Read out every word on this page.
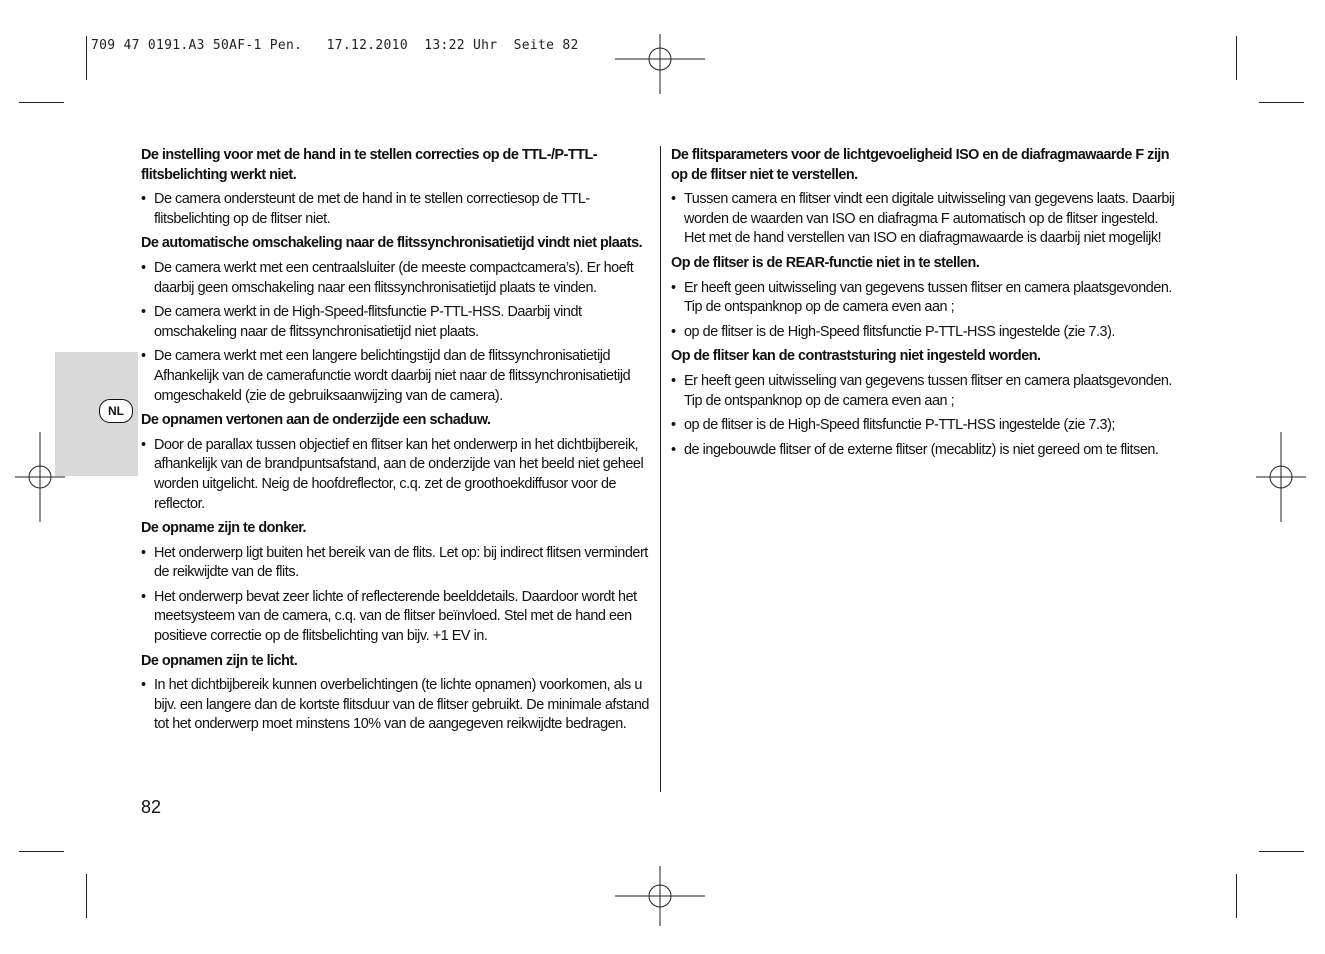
709 47 0191.A3 50AF-1 Pen.   17.12.2010  13:22 Uhr  Seite 82
NL
De instelling voor met de hand in te stellen correcties op de TTL-/P-TTL-flitsbelichting werkt niet.
• De camera ondersteunt de met de hand in te stellen correctiesop de TTL-flitsbelichting op de flitser niet.
De automatische omschakeling naar de flitssynchronisatietijd vindt niet plaats.
• De camera werkt met een centraalsluiter (de meeste compactcamera’s). Er hoeft daarbij geen omschakeling naar een flitssynchronisatietijd plaats te vinden.
• De camera werkt in de High-Speed-flitsfunctie P-TTL-HSS. Daarbij vindt omschakeling naar de flitssynchronisatietijd niet plaats.
• De camera werkt met een langere belichtingstijd dan de flitssynchronisatietijd Afhankelijk van de camerafunctie wordt daarbij niet naar de flitssynchronisatietijd omgeschakeld (zie de gebruiksaanwijzing van de camera).
De opnamen vertonen aan de onderzijde een schaduw.
• Door de parallax tussen objectief en flitser kan het onderwerp in het dichtbijbereik, afhankelijk van de brandpuntsafstand, aan de onderzijde van het beeld niet geheel worden uitgelicht. Neig de hoofdreflector, c.q. zet de groothoekdiffusor voor de reflector.
De opname zijn te donker.
• Het onderwerp ligt buiten het bereik van de flits. Let op: bij indirect flitsen vermindert de reikwijdte van de flits.
• Het onderwerp bevat zeer lichte of reflecterende beelddetails. Daardoor wordt het meetsysteem van de camera, c.q. van de flitser beïnvloed. Stel met de hand een positieve correctie op de flitsbelichting van bijv. +1 EV in.
De opnamen zijn te licht.
• In het dichtbijbereik kunnen overbelichtingen (te lichte opnamen) voorkomen, als u bijv. een langere dan de kortste flitsduur van de flitser gebruikt. De minimale afstand tot het onderwerp moet minstens 10% van de aangegeven reikwijdte bedragen.
De flitsparameters voor de lichtgevoeligheid ISO en de diafragmawaarde F zijn op de flitser niet te verstellen.
• Tussen camera en flitser vindt een digitale uitwisseling van gegevens laats. Daarbij worden de waarden van ISO en diafragma F automatisch op de flitser ingesteld. Het met de hand verstellen van ISO en diafragmawaarde is daarbij niet mogelijk!
Op de flitser is de REAR-functie niet in te stellen.
• Er heeft geen uitwisseling van gegevens tussen flitser en camera plaatsgevonden. Tip de ontspanknop op de camera even aan ;
• op de flitser is de High-Speed flitsfunctie P-TTL-HSS ingestelde (zie 7.3).
Op de flitser kan de contraststuring niet ingesteld worden.
• Er heeft geen uitwisseling van gegevens tussen flitser en camera plaatsgevonden. Tip de ontspanknop op de camera even aan ;
• op de flitser is de High-Speed flitsfunctie P-TTL-HSS ingestelde (zie 7.3);
• de ingebouwde flitser of de externe flitser (mecablitz) is niet gereed om te flitsen.
82
